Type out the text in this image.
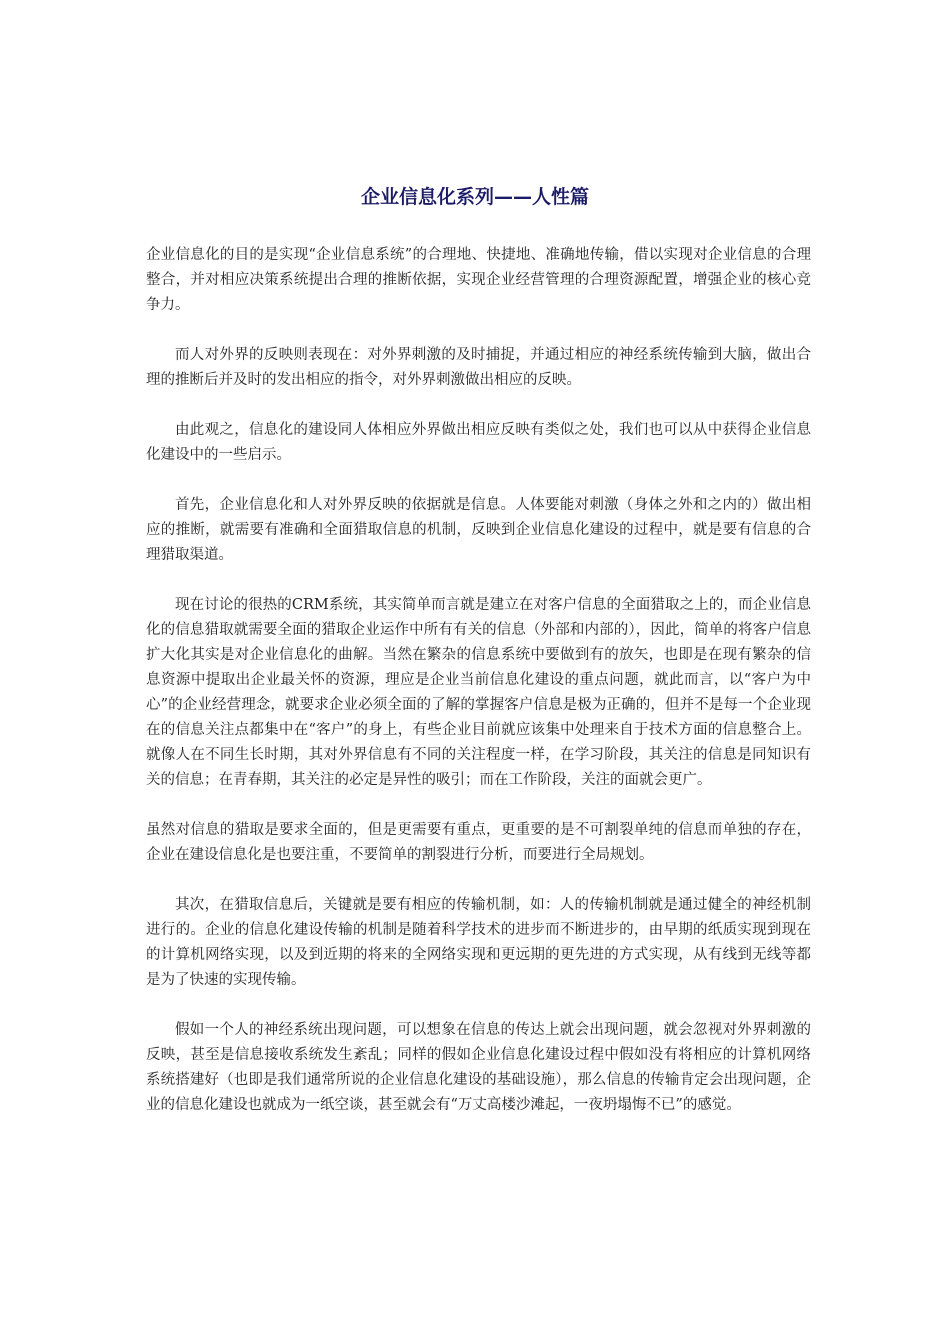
企业信息化系列——人性篇

企业信息化的目的是实现“企业信息系统”的合理地、快捷地、准确地传输，借以实现对企业信息的合理整合，并对相应决策系统提出合理的推断依据，实现企业经营管理的合理资源配置，增强企业的核心竞争力。

而人对外界的反映则表现在：对外界刺激的及时捕捉，并通过相应的神经系统传输到大脑，做出合理的推断后并及时的发出相应的指令，对外界刺激做出相应的反映。

由此观之，信息化的建设同人体相应外界做出相应反映有类似之处，我们也可以从中获得企业信息化建设中的一些启示。

首先，企业信息化和人对外界反映的依据就是信息。人体要能对刺激（身体之外和之内的）做出相应的推断，就需要有准确和全面猎取信息的机制，反映到企业信息化建设的过程中，就是要有信息的合理猎取渠道。

现在讨论的很热的CRM系统，其实简单而言就是建立在对客户信息的全面猎取之上的，而企业信息化的信息猎取就需要全面的猎取企业运作中所有有关的信息（外部和内部的），因此，简单的将客户信息扩大化其实是对企业信息化的曲解。当然在繁杂的信息系统中要做到有的放矢，也即是在现有繁杂的信息资源中提取出企业最关怀的资源，理应是企业当前信息化建设的重点问题，就此而言，以“客户为中心”的企业经营理念，就要求企业必须全面的了解的掌握客户信息是极为正确的，但并不是每一个企业现在的信息关注点都集中在“客户”的身上，有些企业目前就应该集中处理来自于技术方面的信息整合上。就像人在不同生长时期，其对外界信息有不同的关注程度一样，在学习阶段，其关注的信息是同知识有关的信息；在青春期，其关注的必定是异性的吸引；而在工作阶段，关注的面就会更广。

虽然对信息的猎取是要求全面的，但是更需要有重点，更重要的是不可割裂单纯的信息而单独的存在，企业在建设信息化是也要注重，不要简单的割裂进行分析，而要进行全局规划。

其次，在猎取信息后，关键就是要有相应的传输机制，如：人的传输机制就是通过健全的神经机制进行的。企业的信息化建设传输的机制是随着科学技术的进步而不断进步的，由早期的纸质实现到现在的计算机网络实现，以及到近期的将来的全网络实现和更远期的更先进的方式实现，从有线到无线等都是为了快速的实现传输。

假如一个人的神经系统出现问题，可以想象在信息的传达上就会出现问题，就会忽视对外界刺激的反映，甚至是信息接收系统发生紊乱；同样的假如企业信息化建设过程中假如没有将相应的计算机网络系统搭建好（也即是我们通常所说的企业信息化建设的基础设施），那么信息的传输肯定会出现问题，企业的信息化建设也就成为一纸空谈，甚至就会有“万丈高楼沙滩起，一夜坍塌悔不已”的感觉。
